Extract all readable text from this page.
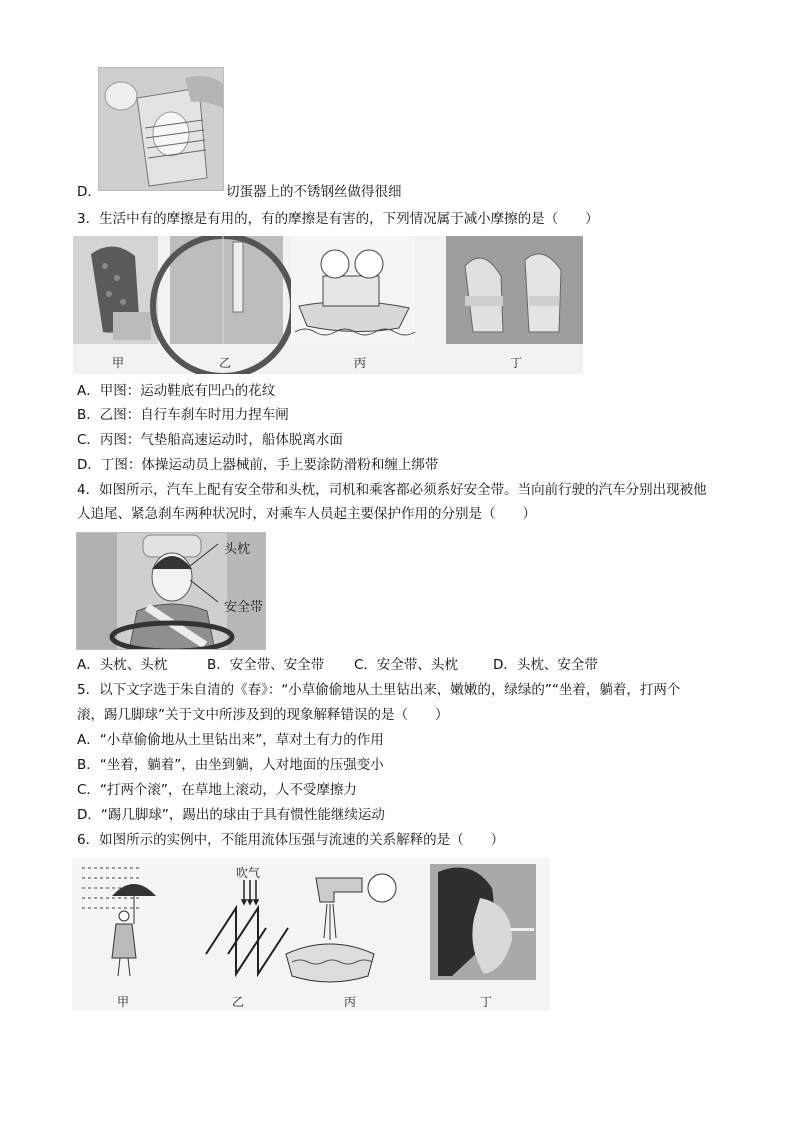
D．	切蛋器上的不锈钢丝做得很细
3．生活中有的摩擦是有用的，有的摩擦是有害的，下列情况属于减小摩擦的是（　　）
甲	乙	丙	丁
A．甲图：运动鞋底有凹凸的花纹
B．乙图：自行车刹车时用力捏车闸
C．丙图：气垫船高速运动时，船体脱离水面
D．丁图：体操运动员上器械前，手上要涂防滑粉和缠上绑带
4．如图所示，汽车上配有安全带和头枕，司机和乘客都必须系好安全带。当向前行驶的汽车分别出现被他
人追尾、紧急刹车两种状况时，对乘车人员起主要保护作用的分别是（　　）
头枕
安全带
A．头枕、头枕	B．安全带、安全带 C．安全带、头枕	D．头枕、安全带
5．以下文字选于朱自清的《春》：“小草偷偷地从土里钻出来，嫩嫩的，绿绿的”“坐着，躺着，打两个
滚，踢几脚球”关于文中所涉及到的现象解释错误的是（　　）
A．“小草偷偷地从土里钻出来”，草对土有力的作用
B．“坐着，躺着”，由坐到躺，人对地面的压强变小
C．“打两个滚”，在草地上滚动，人不受摩擦力
D．“踢几脚球”，踢出的球由于具有惯性能继续运动
6．如图所示的实例中，不能用流体压强与流速的关系解释的是（　　）
吹气
甲	乙	丙	丁
